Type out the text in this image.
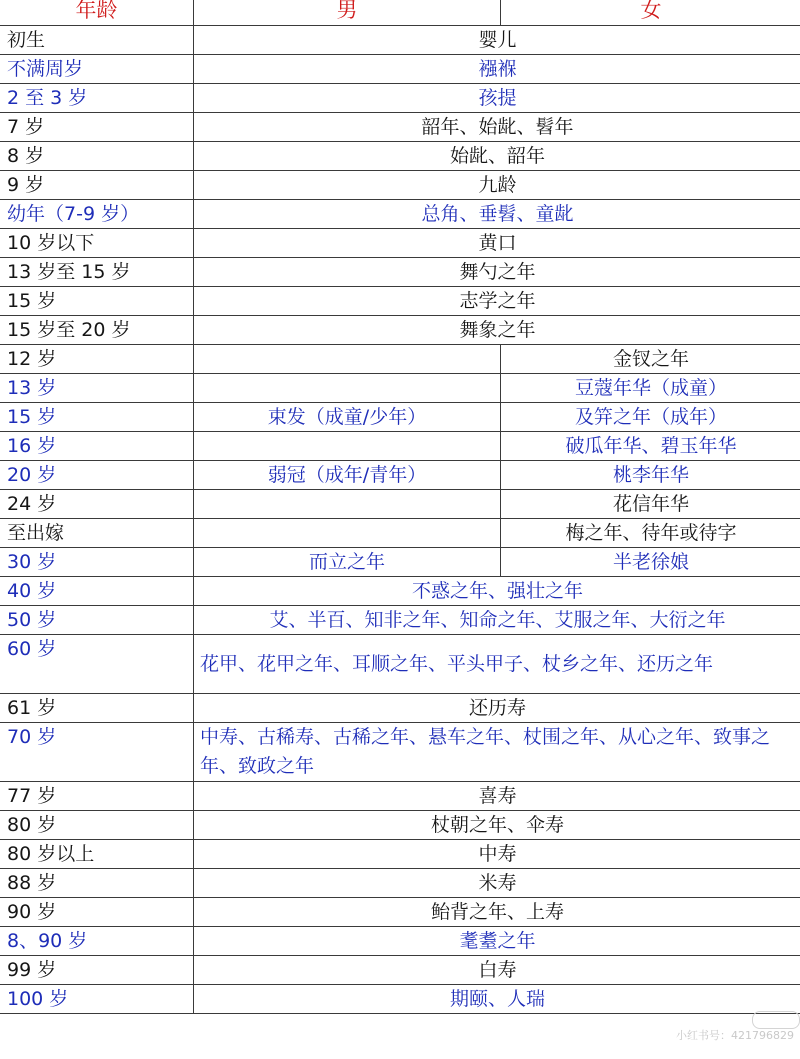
年龄	男	女
初生	婴儿	
不满周岁	襁褓	
2 至 3 岁	孩提	
7 岁	韶年、始龀、髫年	
8 岁	始龀、韶年	
9 岁	九龄	
幼年（7-9 岁）	总角、垂髫、童龀	
10 岁以下	黄口	
13 岁至 15 岁	舞勺之年	
15 岁	志学之年	
15 岁至 20 岁	舞象之年	
12 岁		金钗之年
13 岁		豆蔻年华（成童）
15 岁	束发（成童/少年）	及笄之年（成年）
16 岁		破瓜年华、碧玉年华
20 岁	弱冠（成年/青年）	桃李年华
24 岁		花信年华
至出嫁		梅之年、待年或待字
30 岁	而立之年	半老徐娘
40 岁	不惑之年、强壮之年	
50 岁	艾、半百、知非之年、知命之年、艾服之年、大衍之年	
60 岁	花甲、花甲之年、耳顺之年、平头甲子、杖乡之年、还历之年	
61 岁	还历寿	
70 岁	中寿、古稀寿、古稀之年、悬车之年、杖围之年、从心之年、致事之年、致政之年	
77 岁	喜寿	
80 岁	杖朝之年、伞寿	
80 岁以上	中寿	
88 岁	米寿	
90 岁	鲐背之年、上寿	
8、90 岁	耄耋之年	
99 岁	白寿	
100 岁	期颐、人瑞	
小红书号：421796829
